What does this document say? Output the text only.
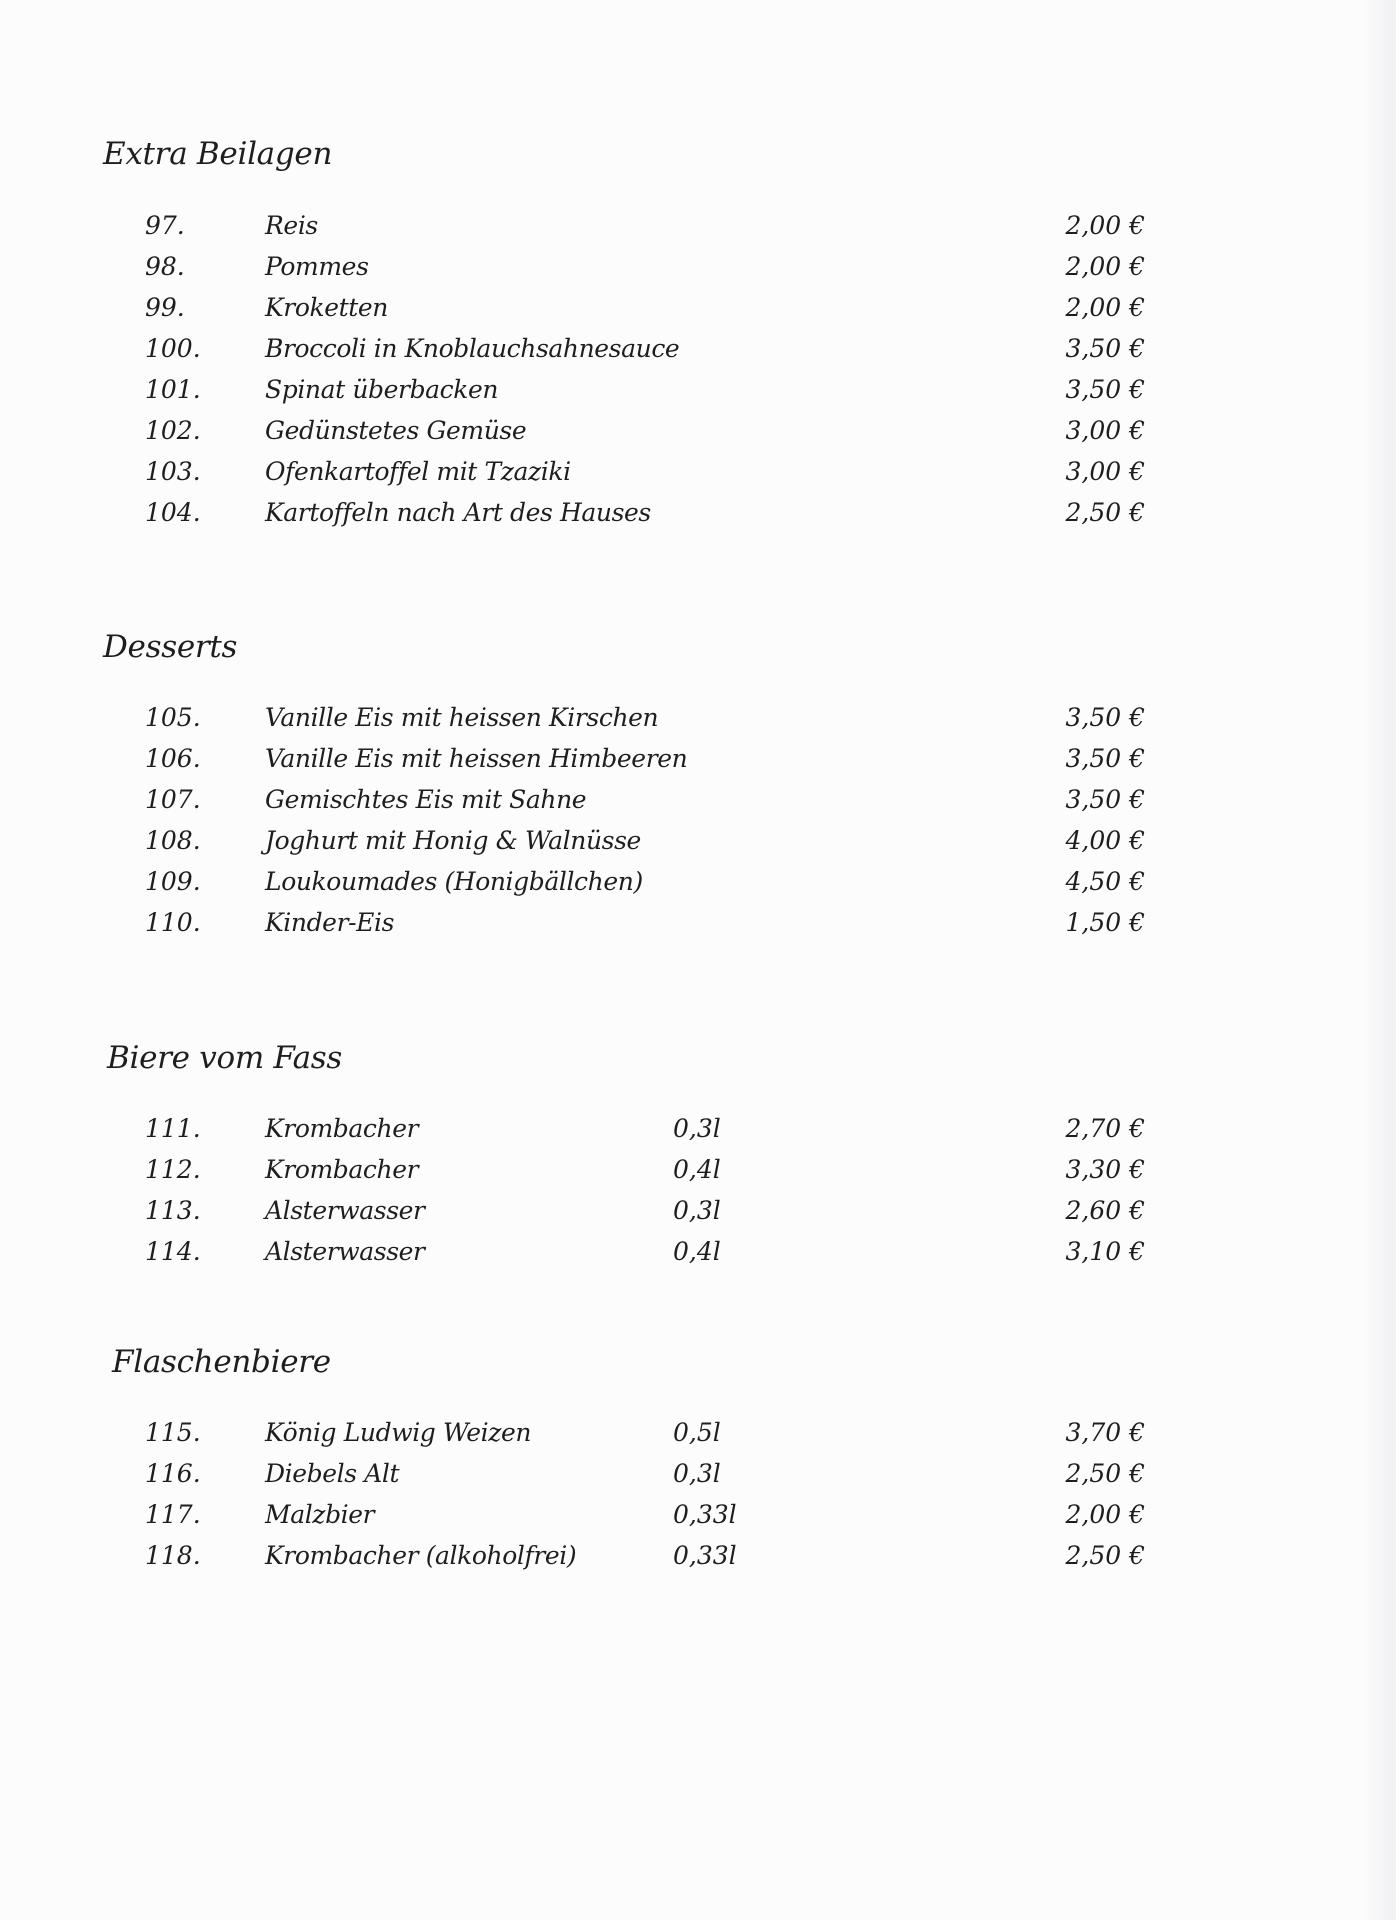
Extra Beilagen
97.	Reis	2,00 €
98.	Pommes	2,00 €
99.	Kroketten	2,00 €
100.	Broccoli in Knoblauchsahnesauce	3,50 €
101.	Spinat überbacken	3,50 €
102.	Gedünstetes Gemüse	3,00 €
103.	Ofenkartoffel mit Tzaziki	3,00 €
104.	Kartoffeln nach Art des Hauses	2,50 €
Desserts
105.	Vanille Eis mit heissen Kirschen	3,50 €
106.	Vanille Eis mit heissen Himbeeren	3,50 €
107.	Gemischtes Eis mit Sahne	3,50 €
108.	Joghurt mit Honig & Walnüsse	4,00 €
109.	Loukoumades (Honigbällchen)	4,50 €
110.	Kinder-Eis	1,50 €
Biere vom Fass
111.	Krombacher	0,3l	2,70 €
112.	Krombacher	0,4l	3,30 €
113.	Alsterwasser	0,3l	2,60 €
114.	Alsterwasser	0,4l	3,10 €
Flaschenbiere
115.	König Ludwig Weizen	0,5l	3,70 €
116.	Diebels Alt	0,3l	2,50 €
117.	Malzbier	0,33l	2,00 €
118.	Krombacher (alkoholfrei)	0,33l	2,50 €
